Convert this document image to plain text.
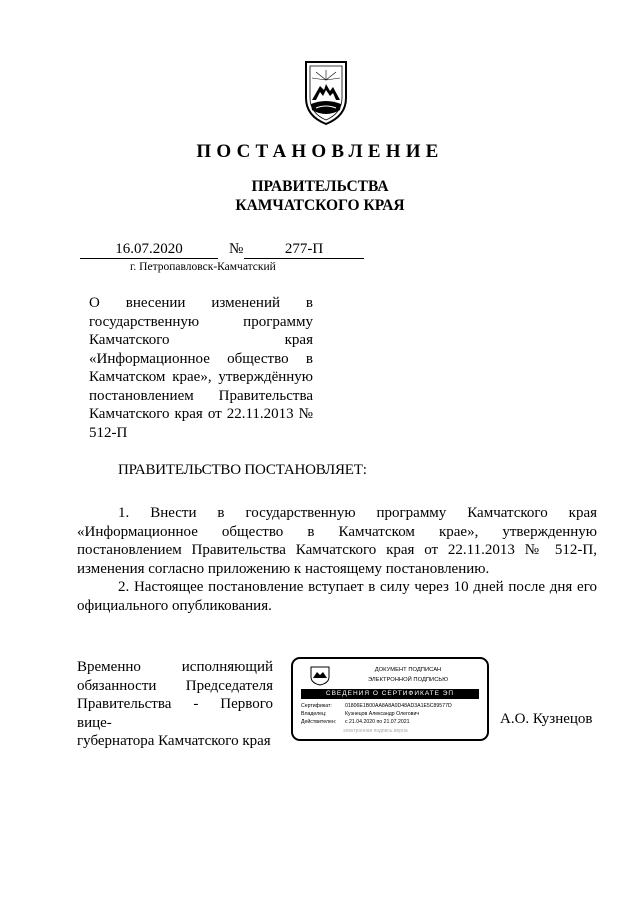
ПОСТАНОВЛЕНИЕ
ПРАВИТЕЛЬСТВА
КАМЧАТСКОГО КРАЯ
16.07.2020	№	277-П
г. Петропавловск-Камчатский
О внесении изменений в
государственную программу
Камчатского края
«Информационное общество в
Камчатском крае», утверждённую
постановлением Правительства
Камчатского края от 22.11.2013 №
512-П
ПРАВИТЕЛЬСТВО ПОСТАНОВЛЯЕТ:

1. Внести в государственную программу Камчатского края «Информационное общество в Камчатском крае», утвержденную постановлением Правительства Камчатского края от 22.11.2013 № 512-П, изменения согласно приложению к настоящему постановлению.

2. Настоящее постановление вступает в силу через 10 дней после дня его официального опубликования.

Временно исполняющий
обязанности Председателя
Правительства - Первого вице-
губернатора Камчатского края
ДОКУМЕНТ ПОДПИСАН
ЭЛЕКТРОННОЙ ПОДПИСЬЮ
СВЕДЕНИЯ О СЕРТИФИКАТЕ ЭП
Сертификат:	01806E1B00AA8A8A0D48AD3A1E5C89577D
Владелец:	Кузнецов Александр Олегович
Действителен: с 21.04.2020 по 21.07.2021
электронная подпись верна
А.О. Кузнецов
